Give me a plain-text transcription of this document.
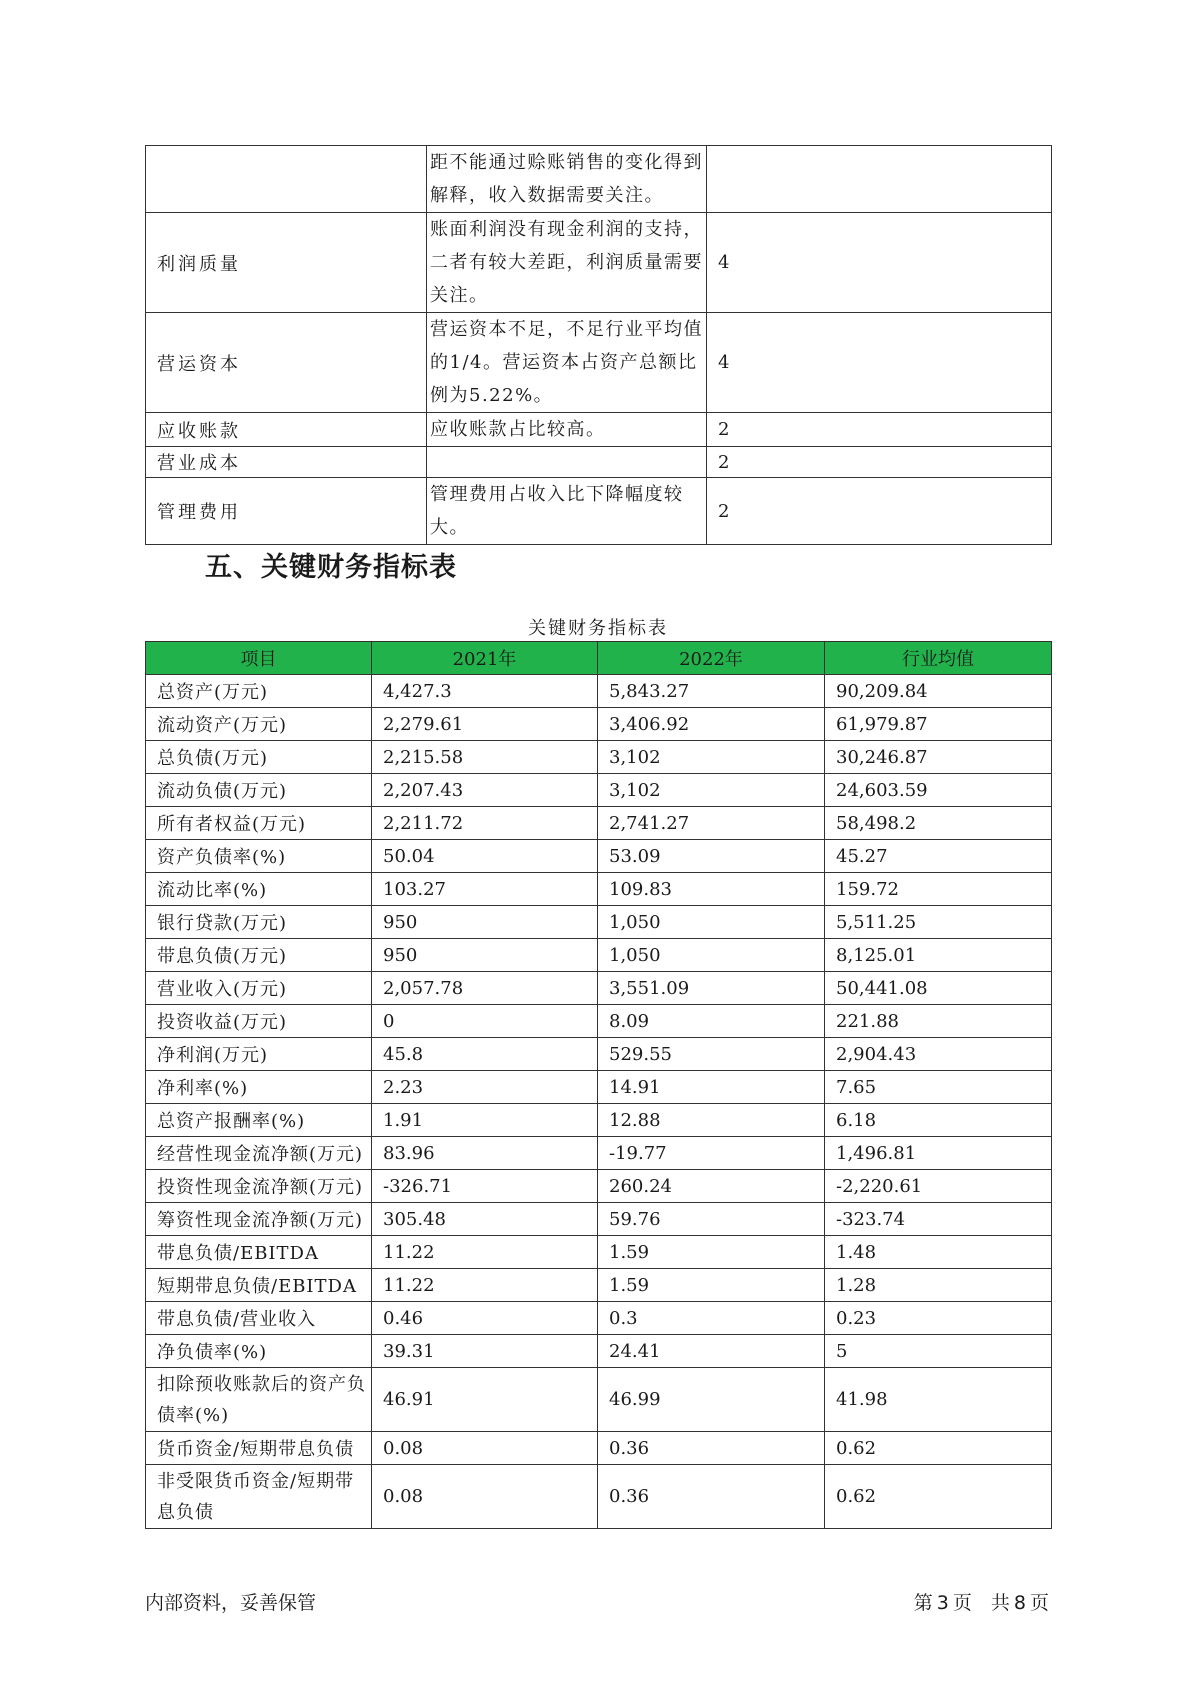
	距不能通过赊账销售的变化得到解释，收入数据需要关注。	
利润质量	账面利润没有现金利润的支持，二者有较大差距，利润质量需要关注。	4
营运资本	营运资本不足，不足行业平均值的1/4。营运资本占资产总额比例为5.22%。	4
应收账款	应收账款占比较高。	2
营业成本		2
管理费用	管理费用占收入比下降幅度较大。	2
五、关键财务指标表
关键财务指标表
项目	2021年	2022年	行业均值
总资产(万元)	4,427.3	5,843.27	90,209.84
流动资产(万元)	2,279.61	3,406.92	61,979.87
总负债(万元)	2,215.58	3,102	30,246.87
流动负债(万元)	2,207.43	3,102	24,603.59
所有者权益(万元)	2,211.72	2,741.27	58,498.2
资产负债率(%)	50.04	53.09	45.27
流动比率(%)	103.27	109.83	159.72
银行贷款(万元)	950	1,050	5,511.25
带息负债(万元)	950	1,050	8,125.01
营业收入(万元)	2,057.78	3,551.09	50,441.08
投资收益(万元)	0	8.09	221.88
净利润(万元)	45.8	529.55	2,904.43
净利率(%)	2.23	14.91	7.65
总资产报酬率(%)	1.91	12.88	6.18
经营性现金流净额(万元)	83.96	-19.77	1,496.81
投资性现金流净额(万元)	-326.71	260.24	-2,220.61
筹资性现金流净额(万元)	305.48	59.76	-323.74
带息负债/EBITDA	11.22	1.59	1.48
短期带息负债/EBITDA	11.22	1.59	1.28
带息负债/营业收入	0.46	0.3	0.23
净负债率(%)	39.31	24.41	5
扣除预收账款后的资产负债率(%)	46.91	46.99	41.98
货币资金/短期带息负债	0.08	0.36	0.62
非受限货币资金/短期带息负债	0.08	0.36	0.62
内部资料，妥善保管	第 3 页　共 8 页
